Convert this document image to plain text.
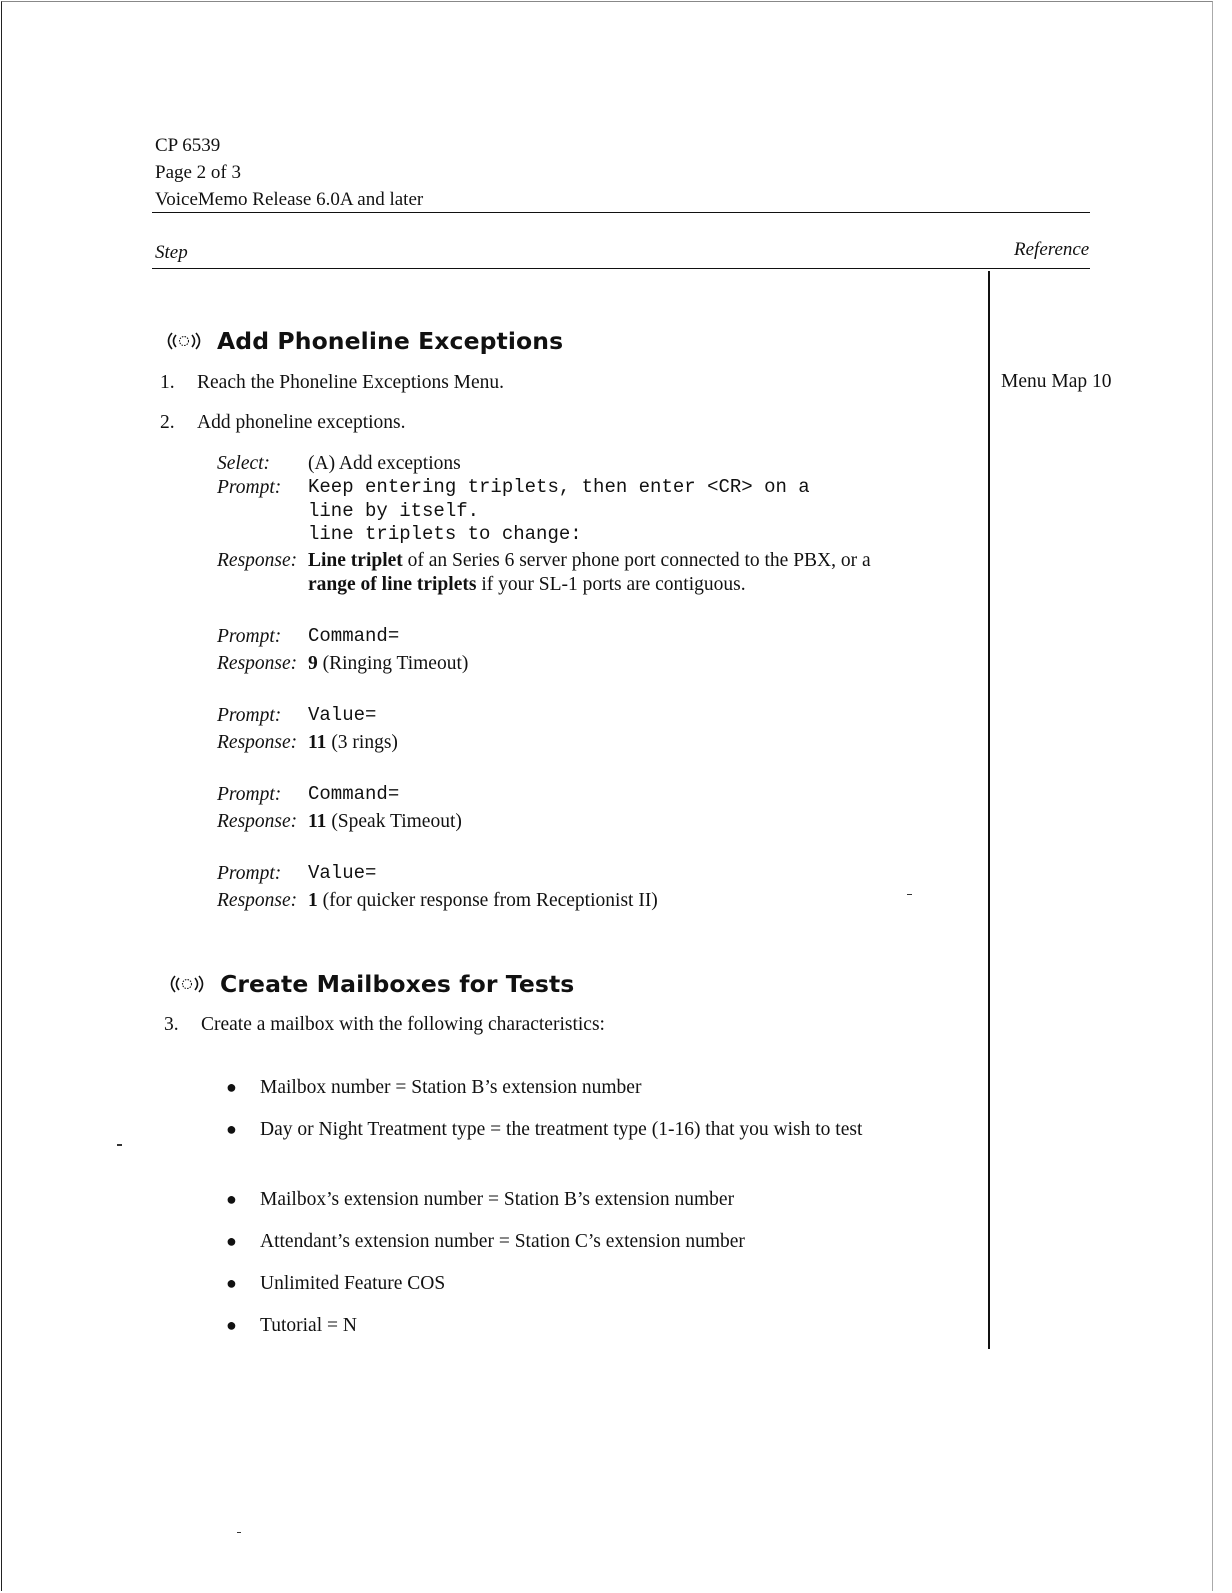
CP 6539
Page 2 of 3
VoiceMemo Release 6.0A and later
Step	Reference
Add Phoneline Exceptions
1. Reach the Phoneline Exceptions Menu.	Menu Map 10
2. Add phoneline exceptions.
Select:	(A) Add exceptions
Prompt:	Keep entering triplets, then enter <CR> on a
line by itself.
line triplets to change:
Response: Line triplet of an Series 6 server phone port connected to the PBX, or a
range of line triplets if your SL-1 ports are contiguous.
Prompt:	Command=
Response: 9 (Ringing Timeout)
Prompt:	Value=
Response: 11 (3 rings)
Prompt:	Command=
Response: 11 (Speak Timeout)
Prompt:	Value=
Response: 1 (for quicker response from Receptionist II)
Create Mailboxes for Tests
3. Create a mailbox with the following characteristics:
●	Mailbox number = Station B’s extension number
●	Day or Night Treatment type = the treatment type (1-16) that you wish to test
●	Mailbox’s extension number = Station B’s extension number
●	Attendant’s extension number = Station C’s extension number
●	Unlimited Feature COS
●	Tutorial = N
